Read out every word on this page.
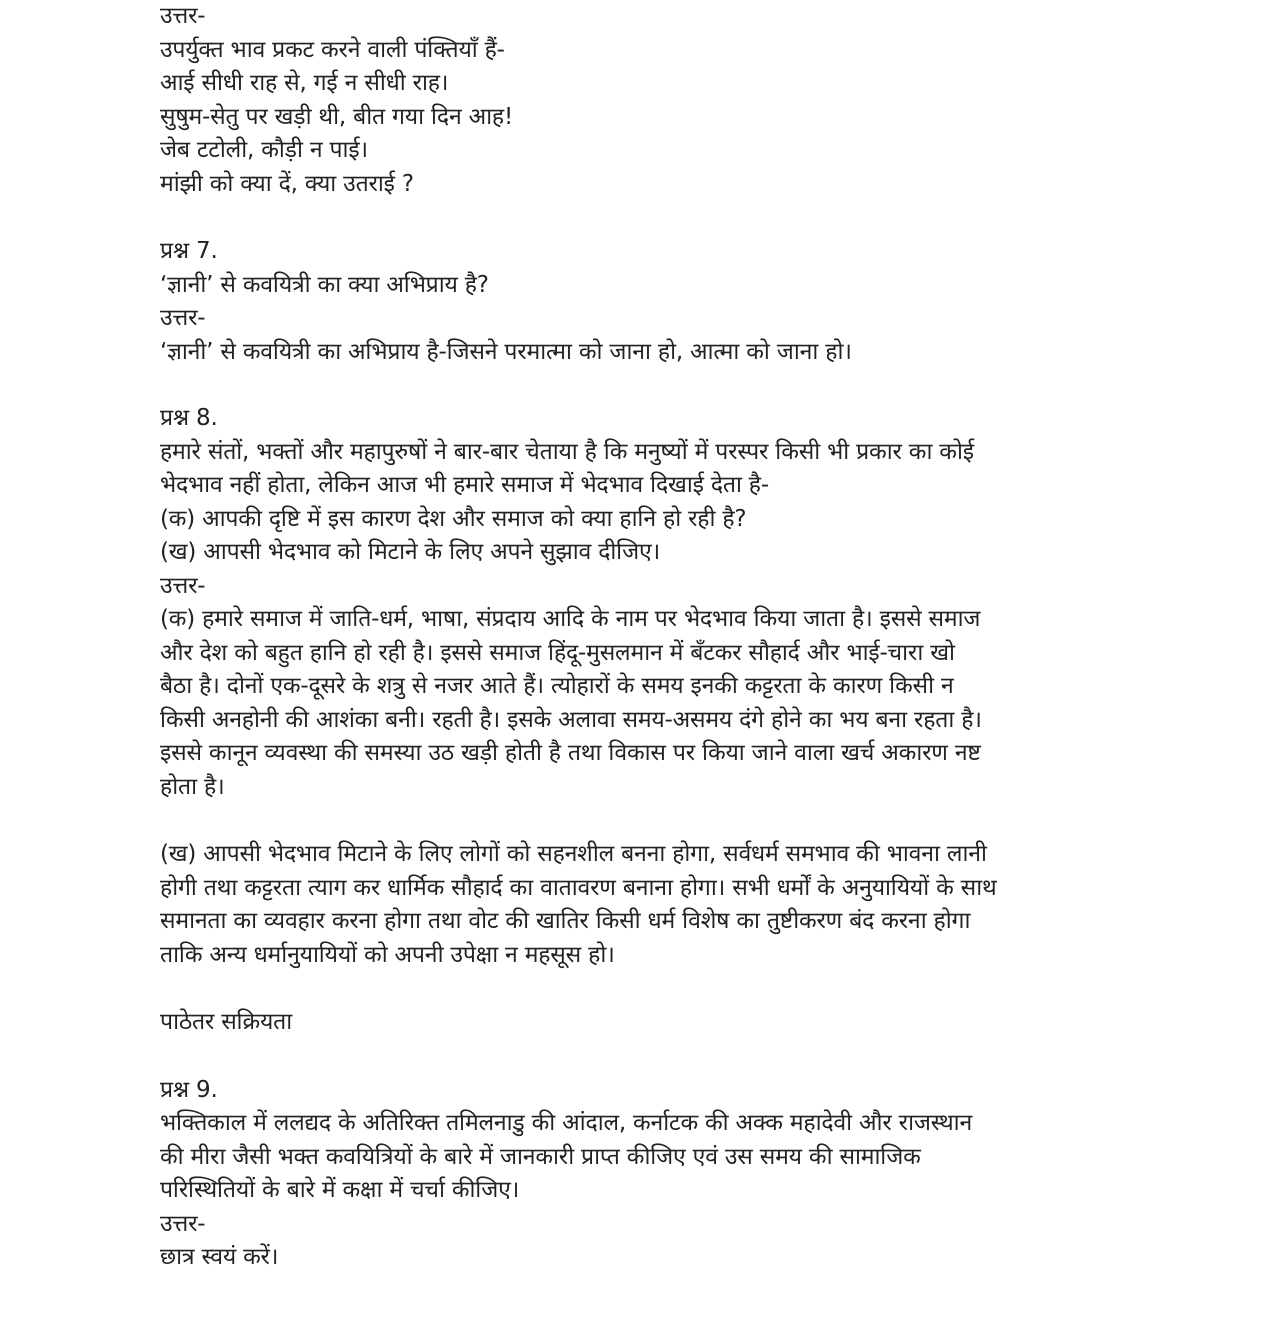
उत्तर-
उपर्युक्त भाव प्रकट करने वाली पंक्तियाँ हैं-
आई सीधी राह से, गई न सीधी राह।
सुषुम-सेतु पर खड़ी थी, बीत गया दिन आह!
जेब टटोली, कौड़ी न पाई।
मांझी को क्या दें, क्या उतराई ?
प्रश्न 7.
‘ज्ञानी’ से कवयित्री का क्या अभिप्राय है?
उत्तर-
‘ज्ञानी’ से कवयित्री का अभिप्राय है-जिसने परमात्मा को जाना हो, आत्मा को जाना हो।
प्रश्न 8.
हमारे संतों, भक्तों और महापुरुषों ने बार-बार चेताया है कि मनुष्यों में परस्पर किसी भी प्रकार का कोई
भेदभाव नहीं होता, लेकिन आज भी हमारे समाज में भेदभाव दिखाई देता है-
(क) आपकी दृष्टि में इस कारण देश और समाज को क्या हानि हो रही है?
(ख) आपसी भेदभाव को मिटाने के लिए अपने सुझाव दीजिए।
उत्तर-
(क) हमारे समाज में जाति-धर्म, भाषा, संप्रदाय आदि के नाम पर भेदभाव किया जाता है। इससे समाज
और देश को बहुत हानि हो रही है। इससे समाज हिंदू-मुसलमान में बँटकर सौहार्द और भाई-चारा खो
बैठा है। दोनों एक-दूसरे के शत्रु से नजर आते हैं। त्योहारों के समय इनकी कट्टरता के कारण किसी न
किसी अनहोनी की आशंका बनी। रहती है। इसके अलावा समय-असमय दंगे होने का भय बना रहता है।
इससे कानून व्यवस्था की समस्या उठ खड़ी होती है तथा विकास पर किया जाने वाला खर्च अकारण नष्ट
होता है।
(ख) आपसी भेदभाव मिटाने के लिए लोगों को सहनशील बनना होगा, सर्वधर्म समभाव की भावना लानी
होगी तथा कट्टरता त्याग कर धार्मिक सौहार्द का वातावरण बनाना होगा। सभी धर्मों के अनुयायियों के साथ
समानता का व्यवहार करना होगा तथा वोट की खातिर किसी धर्म विशेष का तुष्टीकरण बंद करना होगा
ताकि अन्य धर्मानुयायियों को अपनी उपेक्षा न महसूस हो।
पाठेतर सक्रियता
प्रश्न 9.
भक्तिकाल में ललद्यद के अतिरिक्त तमिलनाडु की आंदाल, कर्नाटक की अक्क महादेवी और राजस्थान
की मीरा जैसी भक्त कवयित्रियों के बारे में जानकारी प्राप्त कीजिए एवं उस समय की सामाजिक
परिस्थितियों के बारे में कक्षा में चर्चा कीजिए।
उत्तर-
छात्र स्वयं करें।
